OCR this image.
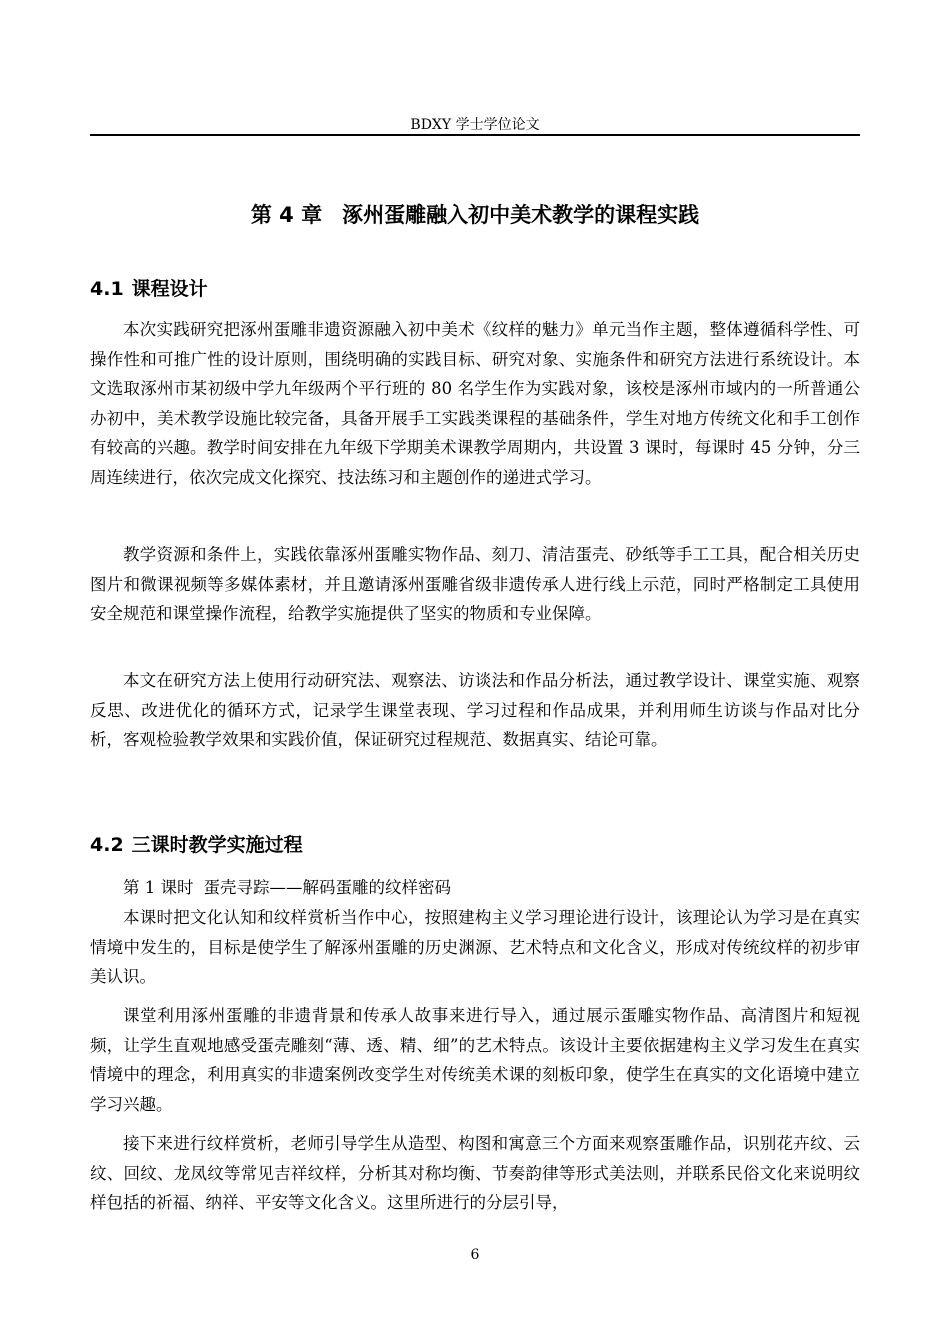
BDXY 学士学位论文
第 4 章 涿州蛋雕融入初中美术教学的课程实践
4.1 课程设计

本次实践研究把涿州蛋雕非遗资源融入初中美术《纹样的魅力》单元当作主题，整体遵循科学性、可操作性和可推广性的设计原则，围绕明确的实践目标、研究对象、实施条件和研究方法进行系统设计。本文选取涿州市某初级中学九年级两个平行班的 80 名学生作为实践对象，该校是涿州市域内的一所普通公办初中，美术教学设施比较完备，具备开展手工实践类课程的基础条件，学生对地方传统文化和手工创作有较高的兴趣。教学时间安排在九年级下学期美术课教学周期内，共设置 3 课时，每课时 45 分钟，分三周连续进行，依次完成文化探究、技法练习和主题创作的递进式学习。

教学资源和条件上，实践依靠涿州蛋雕实物作品、刻刀、清洁蛋壳、砂纸等手工工具，配合相关历史图片和微课视频等多媒体素材，并且邀请涿州蛋雕省级非遗传承人进行线上示范，同时严格制定工具使用安全规范和课堂操作流程，给教学实施提供了坚实的物质和专业保障。

本文在研究方法上使用行动研究法、观察法、访谈法和作品分析法，通过教学设计、课堂实施、观察反思、改进优化的循环方式，记录学生课堂表现、学习过程和作品成果，并利用师生访谈与作品对比分析，客观检验教学效果和实践价值，保证研究过程规范、数据真实、结论可靠。

4.2 三课时教学实施过程
第 1 课时 蛋壳寻踪——解码蛋雕的纹样密码

本课时把文化认知和纹样赏析当作中心，按照建构主义学习理论进行设计，该理论认为学习是在真实情境中发生的，目标是使学生了解涿州蛋雕的历史渊源、艺术特点和文化含义，形成对传统纹样的初步审美认识。

课堂利用涿州蛋雕的非遗背景和传承人故事来进行导入，通过展示蛋雕实物作品、高清图片和短视频，让学生直观地感受蛋壳雕刻“薄、透、精、细”的艺术特点。该设计主要依据建构主义学习发生在真实情境中的理念，利用真实的非遗案例改变学生对传统美术课的刻板印象，使学生在真实的文化语境中建立学习兴趣。

接下来进行纹样赏析，老师引导学生从造型、构图和寓意三个方面来观察蛋雕作品，识别花卉纹、云纹、回纹、龙凤纹等常见吉祥纹样，分析其对称均衡、节奏韵律等形式美法则，并联系民俗文化来说明纹样包括的祈福、纳祥、平安等文化含义。这里所进行的分层引导，

6
